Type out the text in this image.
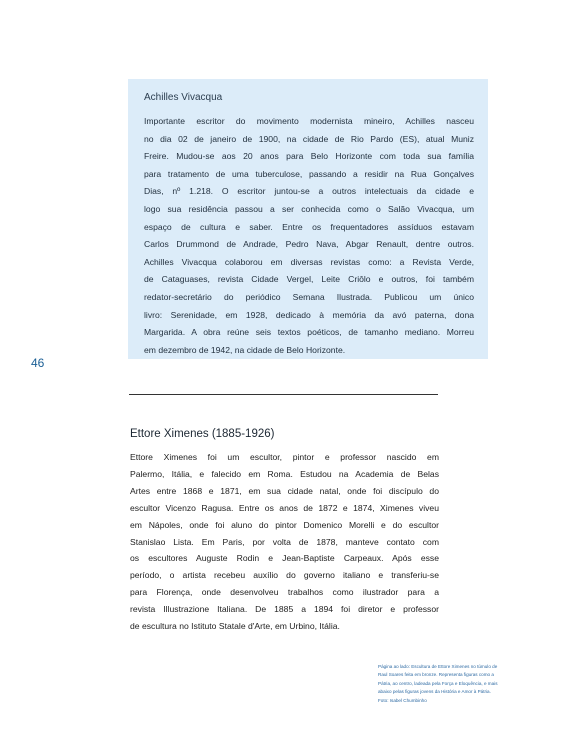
Achilles Vivacqua

Importante escritor do movimento modernista mineiro, Achilles nasceu

no dia 02 de janeiro de 1900, na cidade de Rio Pardo (ES), atual Muniz

Freire. Mudou-se aos 20 anos para Belo Horizonte com toda sua família

para tratamento de uma tuberculose, passando a residir na Rua Gonçalves

Dias, nº 1.218. O escritor juntou-se a outros intelectuais da cidade e

logo sua residência passou a ser conhecida como o Salão Vivacqua, um

espaço de cultura e saber. Entre os frequentadores assíduos estavam

Carlos Drummond de Andrade, Pedro Nava, Abgar Renault, dentre outros.

Achilles Vivacqua colaborou em diversas revistas como: a Revista Verde,

de Cataguases, revista Cidade Vergel, Leite Criôlo e outros, foi também

redator-secretário do periódico Semana Ilustrada. Publicou um único

livro: Serenidade, em 1928, dedicado à memória da avó paterna, dona

Margarida. A obra reúne seis textos poéticos, de tamanho mediano. Morreu

em dezembro de 1942, na cidade de Belo Horizonte.

46
Ettore Ximenes (1885-1926)

Ettore Ximenes foi um escultor, pintor e professor nascido em

Palermo, Itália, e falecido em Roma. Estudou na Academia de Belas

Artes entre 1868 e 1871, em sua cidade natal, onde foi discípulo do

escultor Vicenzo Ragusa. Entre os anos de 1872 e 1874, Ximenes viveu

em Nápoles, onde foi aluno do pintor Domenico Morelli e do escultor

Stanislao Lista. Em Paris, por volta de 1878, manteve contato com

os escultores Auguste Rodin e Jean-Baptiste Carpeaux. Após esse

período, o artista recebeu auxílio do governo italiano e transferiu-se

para Florença, onde desenvolveu trabalhos como ilustrador para a

revista Illustrazione Italiana. De 1885 a 1894 foi diretor e professor

de escultura no Istituto Statale d'Arte, em Urbino, Itália.

Página ao lado: Escultura de Ettore Ximenes no túmulo de

Raul Soares feita em bronze. Representa figuras como a

Pátria, ao centro, ladeada pela Força e Eloquência, e mais

abaixo pelas figuras jovens da História e Amor à Pátria.

Foto: Isabel Chumbinho
